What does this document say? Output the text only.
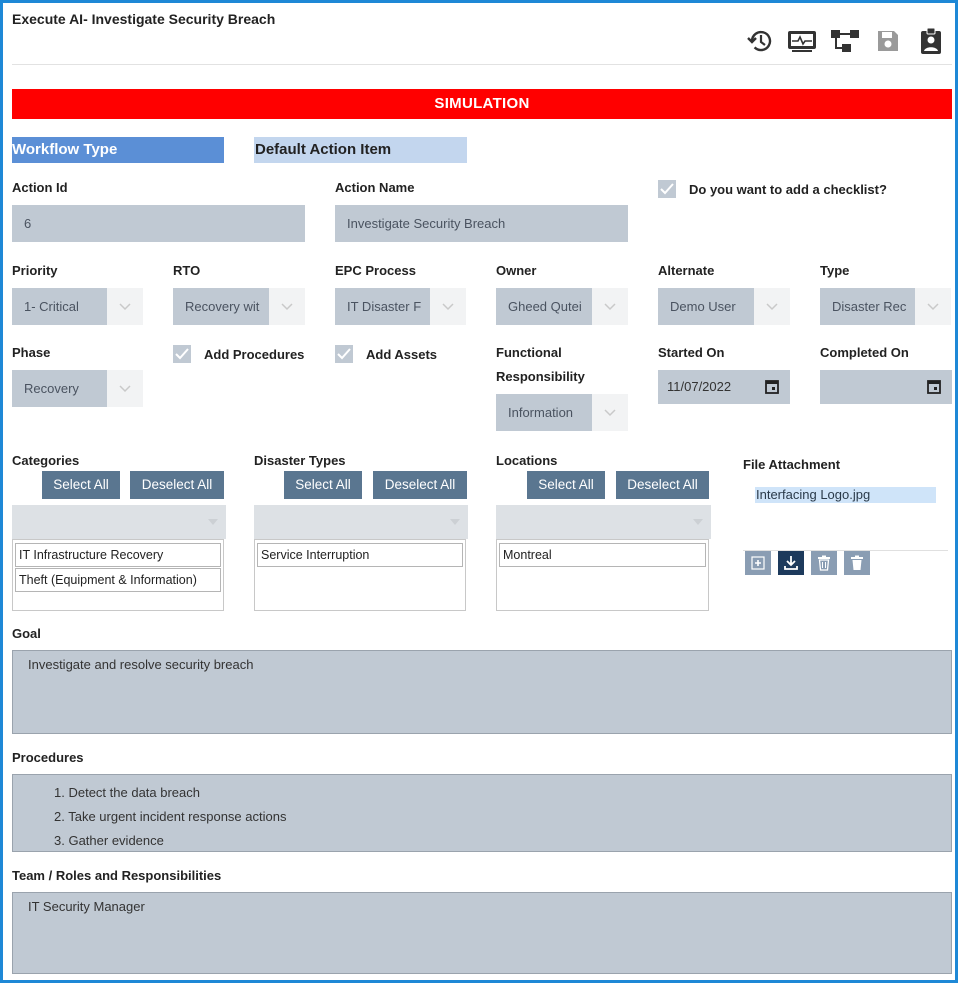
Execute AI- Investigate Security Breach
SIMULATION
Workflow Type	Default Action Item
Action Id
6
Action Name
Investigate Security Breach
Do you want to add a checklist?
Priority	RTO	EPC Process	Owner	Alternate	Type
1- Critical	Recovery wit	IT Disaster F	Gheed Qutei	Demo User	Disaster Rec
Phase
Recovery
Add Procedures	Add Assets	Functional
Responsibility
Information
Started On
11/07/2022
Completed On
Categories
Select All	Deselect All
IT Infrastructure Recovery
Theft (Equipment & Information)
Disaster Types
Select All	Deselect All
Service Interruption
Locations
Select All	Deselect All
Montreal
File Attachment
Interfacing Logo.jpg
Goal
Investigate and resolve security breach
Procedures
1. Detect the data breach
2. Take urgent incident response actions
3. Gather evidence
Team / Roles and Responsibilities
IT Security Manager
